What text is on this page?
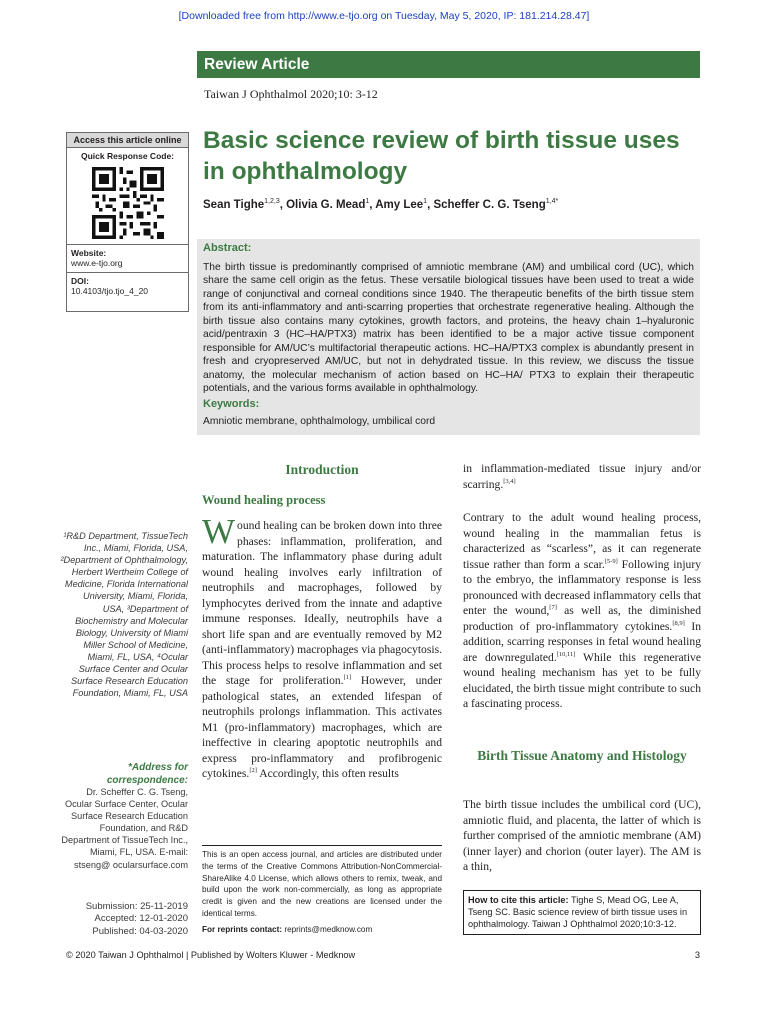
[Downloaded free from http://www.e-tjo.org on Tuesday, May 5, 2020, IP: 181.214.28.47]
Review Article
Taiwan J Ophthalmol 2020;10: 3-12
Basic science review of birth tissue uses in ophthalmology
Sean Tighe$^{1,2,3}$, Olivia G. Mead$^1$, Amy Lee$^1$, Scheffer C. G. Tseng$^{1,4*}$
Access this article online
Quick Response Code:
Website:
www.e-tjo.org
DOI:
10.4103/tjo.tjo_4_20
Abstract:
The birth tissue is predominantly comprised of amniotic membrane (AM) and umbilical cord (UC), which share the same cell origin as the fetus. These versatile biological tissues have been used to treat a wide range of conjunctival and corneal conditions since 1940. The therapeutic benefits of the birth tissue stem from its anti-inflammatory and anti-scarring properties that orchestrate regenerative healing. Although the birth tissue also contains many cytokines, growth factors, and proteins, the heavy chain 1–hyaluronic acid/pentraxin 3 (HC–HA/PTX3) matrix has been identified to be a major active tissue component responsible for AM/UC’s multifactorial therapeutic actions. HC–HA/PTX3 complex is abundantly present in fresh and cryopreserved AM/UC, but not in dehydrated tissue. In this review, we discuss the tissue anatomy, the molecular mechanism of action based on HC–HA/ PTX3 to explain their therapeutic potentials, and the various forms available in ophthalmology.
Keywords:
Amniotic membrane, ophthalmology, umbilical cord
¹R&D Department, TissueTech Inc., Miami, Florida, USA, ²Department of Ophthalmology, Herbert Wertheim College of Medicine, Florida International University, Miami, Florida, USA, ³Department of Biochemistry and Molecular Biology, University of Miami Miller School of Medicine, Miami, FL, USA, ⁴Ocular Surface Center and Ocular Surface Research Education Foundation, Miami, FL, USA
*Address for correspondence:
Dr. Scheffer C. G. Tseng, Ocular Surface Center, Ocular Surface Research Education Foundation, and R&D Department of TissueTech Inc., Miami, FL, USA. E-mail: stseng@ ocularsurface.com
Submission: 25-11-2019
Accepted: 12-01-2020
Published: 04-03-2020
Introduction
Wound healing process

Wound healing can be broken down into three phases: inflammation, proliferation, and maturation. The inflammatory phase during adult wound healing involves early infiltration of neutrophils and macrophages, followed by lymphocytes derived from the innate and adaptive immune responses. Ideally, neutrophils have a short life span and are eventually removed by M2 (anti-inflammatory) macrophages via phagocytosis. This process helps to resolve inflammation and set the stage for proliferation.[1] However, under pathological states, an extended lifespan of neutrophils prolongs inflammation. This activates M1 (pro-inflammatory) macrophages, which are ineffective in clearing apoptotic neutrophils and express pro-inflammatory and profibrogenic cytokines.[2] Accordingly, this often results

This is an open access journal, and articles are distributed under the terms of the Creative Commons Attribution-NonCommercial-ShareAlike 4.0 License, which allows others to remix, tweak, and build upon the work non-commercially, as long as appropriate credit is given and the new creations are licensed under the identical terms.
For reprints contact: reprints@medknow.com

in inflammation-mediated tissue injury and/or scarring.[3,4]

Contrary to the adult wound healing process, wound healing in the mammalian fetus is characterized as “scarless”, as it can regenerate tissue rather than form a scar.[5-9] Following injury to the embryo, the inflammatory response is less pronounced with decreased inflammatory cells that enter the wound,[7] as well as, the diminished production of pro-inflammatory cytokines.[8,9] In addition, scarring responses in fetal wound healing are downregulated.[10,11] While this regenerative wound healing mechanism has yet to be fully elucidated, the birth tissue might contribute to such a fascinating process.

Birth Tissue Anatomy and Histology

The birth tissue includes the umbilical cord (UC), amniotic fluid, and placenta, the latter of which is further comprised of the amniotic membrane (AM) (inner layer) and chorion (outer layer). The AM is a thin,

How to cite this article: Tighe S, Mead OG, Lee A, Tseng SC. Basic science review of birth tissue uses in ophthalmology. Taiwan J Ophthalmol 2020;10:3-12.
© 2020 Taiwan J Ophthalmol | Published by Wolters Kluwer - Medknow	3
